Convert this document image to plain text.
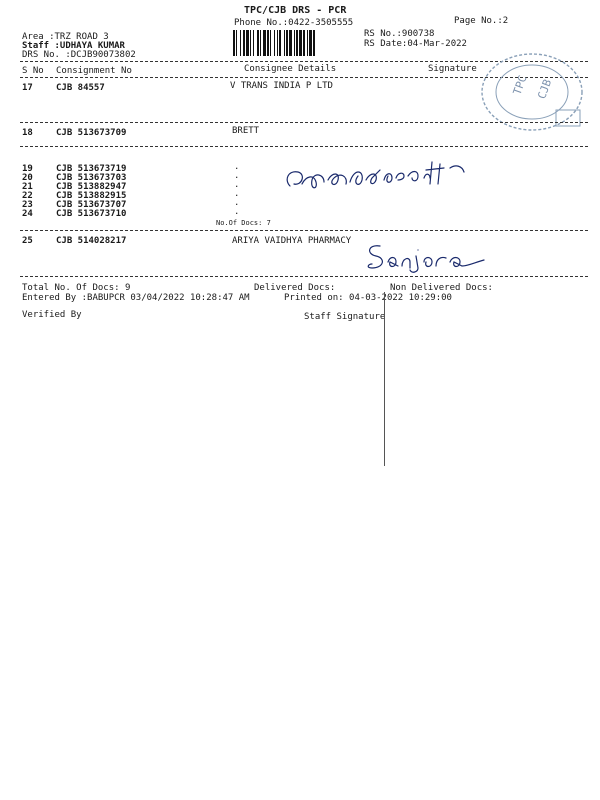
TPC/CJB DRS - PCR
Phone No.:0422-3505555	Page No.:2
Area :TRZ ROAD 3
Staff :UDHAYA KUMAR
DRS No. :DCJB90073802
RS No.:900738
RS Date:04-Mar-2022
S No Consignment No	Consignee Details	Signature
TPC CJB
17	CJB 84557	V TRANS INDIA P LTD
18	CJB 513673709	BRETT
19	CJB 513673719	.
20	CJB 513673703	.
21	CJB 513882947	.
22	CJB 513882915	.
23	CJB 513673707	.
24	CJB 513673710	.
No.Of Docs: 7
25	CJB 514028217	ARIYA VAIDHYA PHARMACY
Total No. Of Docs: 9	Delivered Docs:	Non Delivered Docs:
Entered By :BABUPCR 03/04/2022 10:28:47 AM	Printed on: 04-03-2022 10:29:00
Verified By	Staff Signature
